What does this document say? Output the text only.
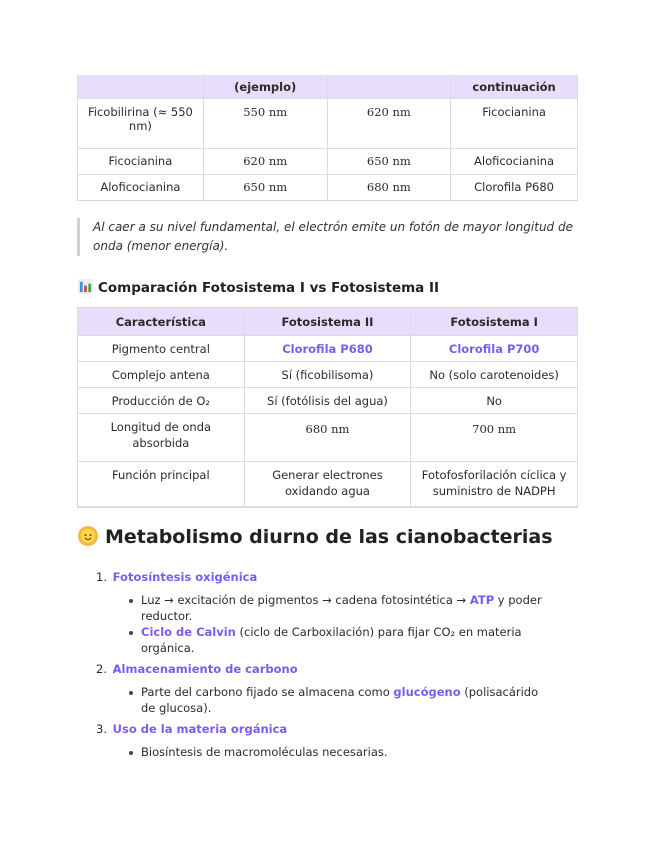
	(ejemplo)		continuación
Ficobilirina (≈ 550 nm)	550 nm	620 nm	Ficocianina
Ficocianina	620 nm	650 nm	Aloficocianina
Aloficocianina	650 nm	680 nm	Clorofila P680
Al caer a su nivel fundamental, el electrón emite un fotón de mayor longitud de onda (menor energía).
Comparación Fotosistema I vs Fotosistema II
Característica	Fotosistema II	Fotosistema I
Pigmento central	Clorofila P680	Clorofila P700
Complejo antena	Sí (ficobilisoma)	No (solo carotenoides)
Producción de O₂	Sí (fotólisis del agua)	No
Longitud de onda absorbida	680 nm	700 nm
Función principal	Generar electrones oxidando agua	Fotofosforilación cíclica y suministro de NADPH
Metabolismo diurno de las cianobacterias
1. Fotosíntesis oxigénica
Luz → excitación de pigmentos → cadena fotosintética → ATP y poder reductor.
Ciclo de Calvin (ciclo de Carboxilación) para fijar CO₂ en materia orgánica.
2. Almacenamiento de carbono
Parte del carbono fijado se almacena como glucógeno (polisacárido de glucosa).
3. Uso de la materia orgánica
Biosíntesis de macromoléculas necesarias.
